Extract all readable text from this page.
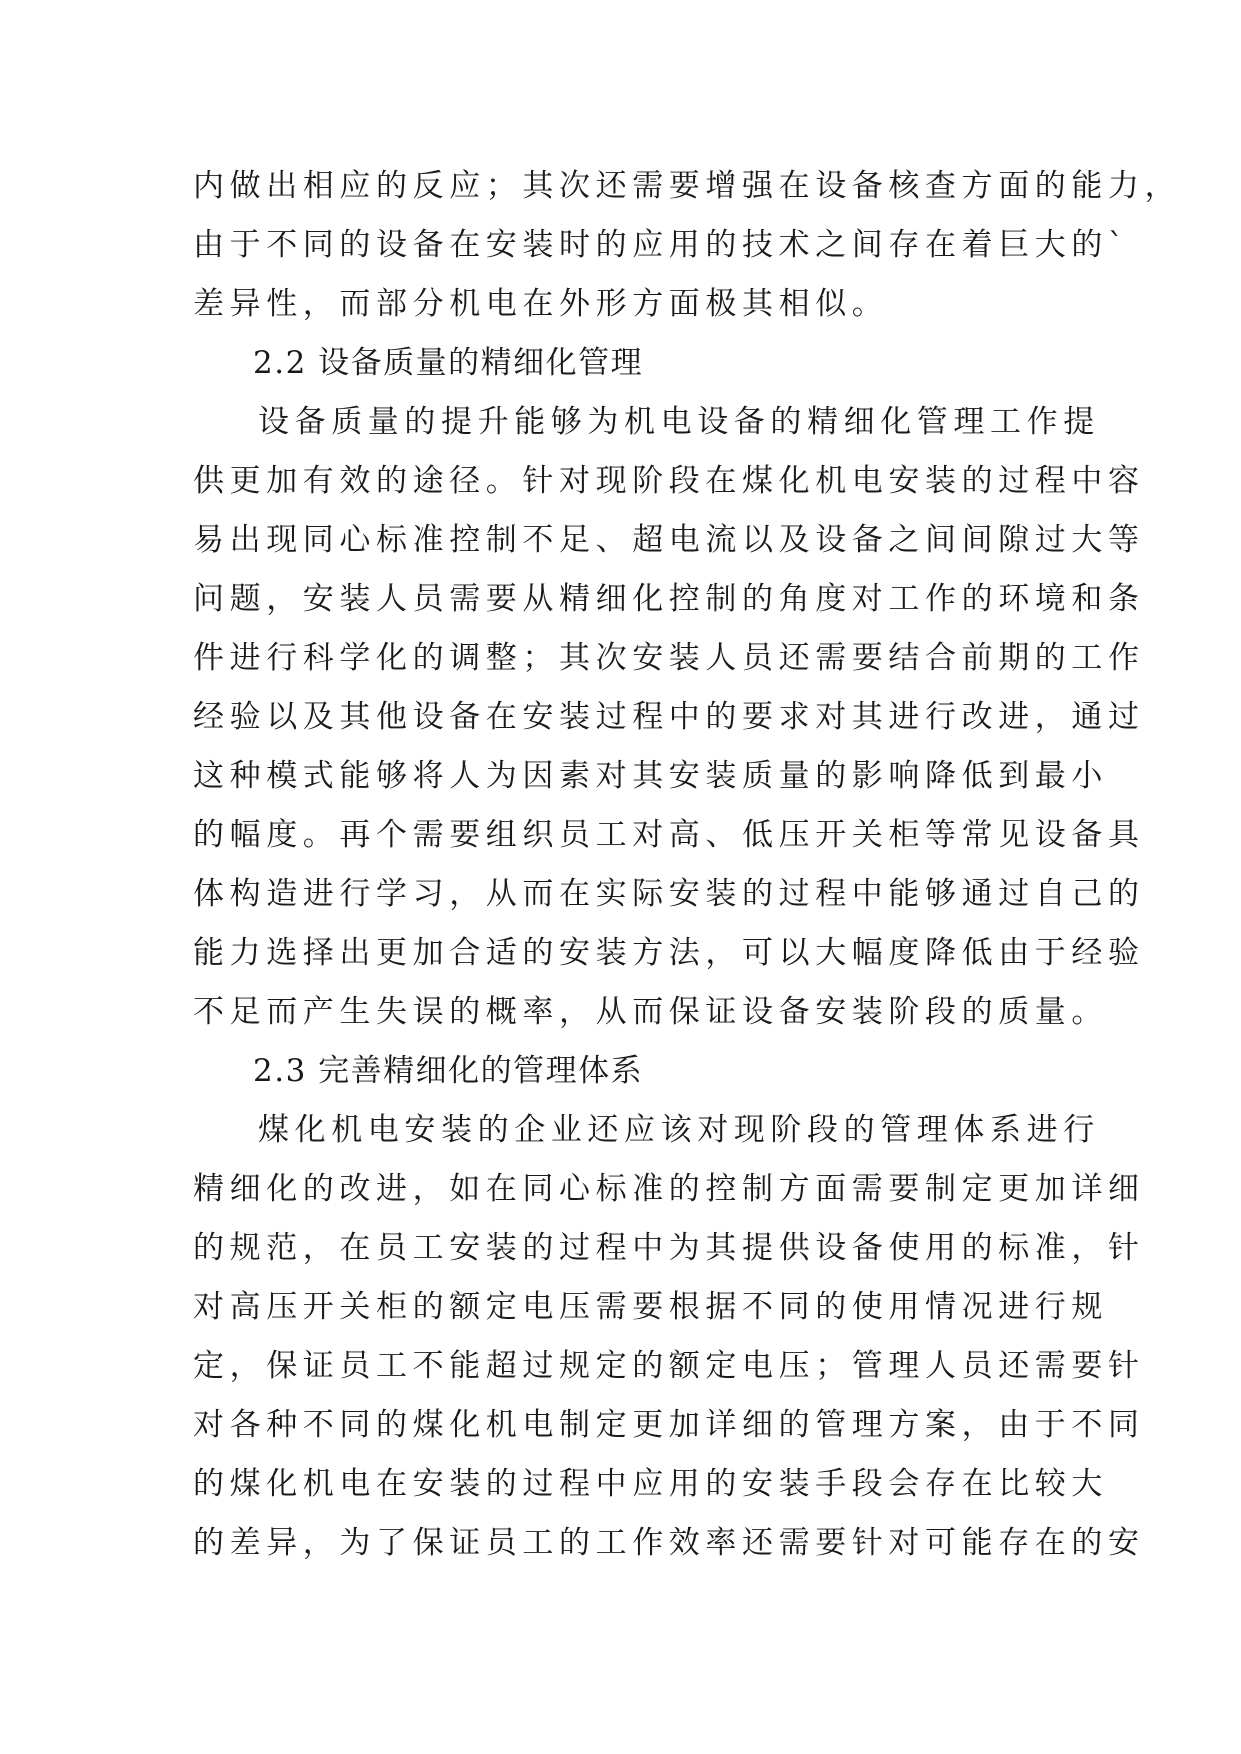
内做出相应的反应；其次还需要增强在设备核查方面的能力，
由于不同的设备在安装时的应用的技术之间存在着巨大的`
差异性，而部分机电在外形方面极其相似。
2.2 设备质量的精细化管理
设备质量的提升能够为机电设备的精细化管理工作提
供更加有效的途径。针对现阶段在煤化机电安装的过程中容
易出现同心标准控制不足、超电流以及设备之间间隙过大等
问题，安装人员需要从精细化控制的角度对工作的环境和条
件进行科学化的调整；其次安装人员还需要结合前期的工作
经验以及其他设备在安装过程中的要求对其进行改进，通过
这种模式能够将人为因素对其安装质量的影响降低到最小
的幅度。再个需要组织员工对高、低压开关柜等常见设备具
体构造进行学习，从而在实际安装的过程中能够通过自己的
能力选择出更加合适的安装方法，可以大幅度降低由于经验
不足而产生失误的概率，从而保证设备安装阶段的质量。
2.3 完善精细化的管理体系
煤化机电安装的企业还应该对现阶段的管理体系进行
精细化的改进，如在同心标准的控制方面需要制定更加详细
的规范，在员工安装的过程中为其提供设备使用的标准，针
对高压开关柜的额定电压需要根据不同的使用情况进行规
定，保证员工不能超过规定的额定电压；管理人员还需要针
对各种不同的煤化机电制定更加详细的管理方案，由于不同
的煤化机电在安装的过程中应用的安装手段会存在比较大
的差异，为了保证员工的工作效率还需要针对可能存在的安
